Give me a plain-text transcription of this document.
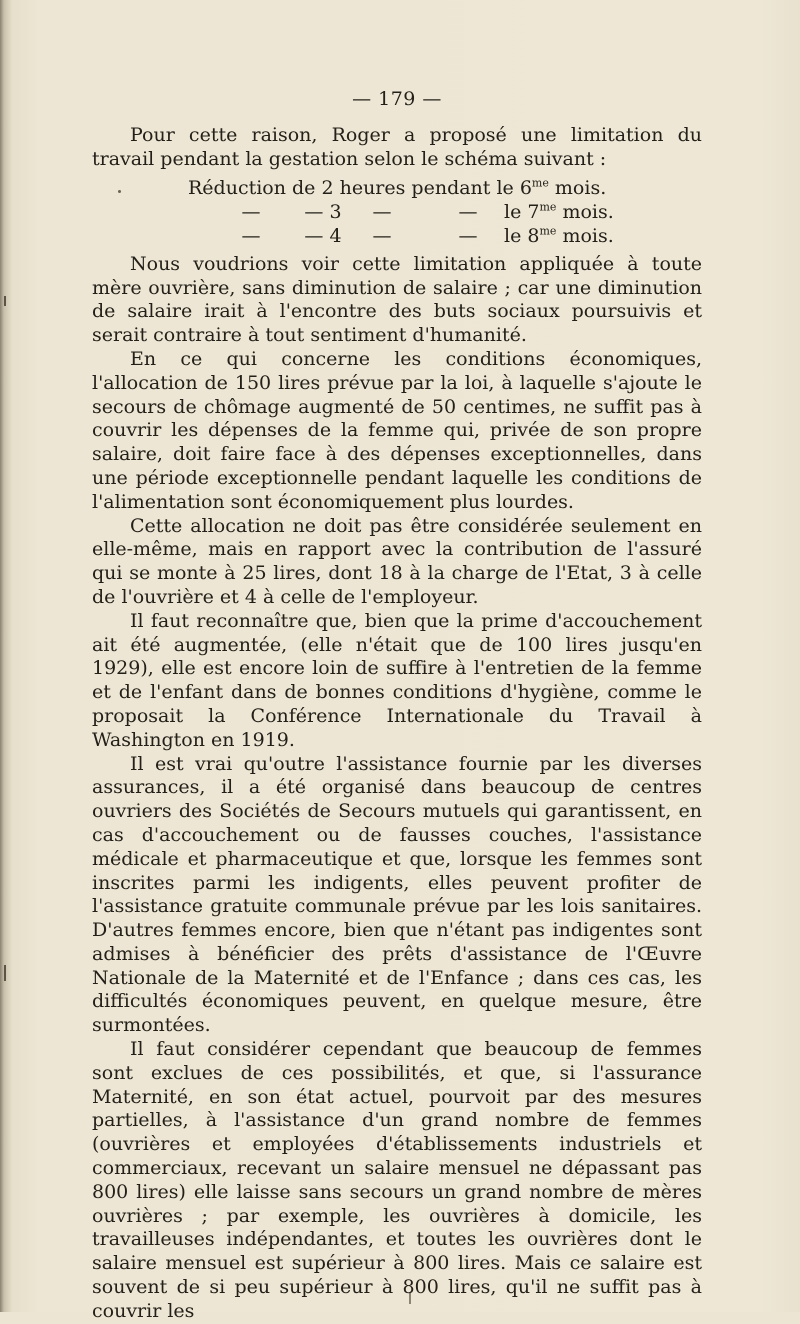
— 179 —

Pour cette raison, Roger a proposé une limitation du travail pendant la gestation selon le schéma suivant :

Réduction de 2 heures pendant le $6^{me}$ mois.
—	— 3	—	—	le $7^{me}$ mois.
—	— 4	—	—	le $8^{me}$ mois.

Nous voudrions voir cette limitation appliquée à toute mère ouvrière, sans diminution de salaire ; car une diminution de salaire irait à l'encontre des buts sociaux poursuivis et serait contraire à tout sentiment d'humanité.

En ce qui concerne les conditions économiques, l'allocation de 150 lires prévue par la loi, à laquelle s'ajoute le secours de chômage augmenté de 50 centimes, ne suffit pas à couvrir les dépenses de la femme qui, privée de son propre salaire, doit faire face à des dépenses exceptionnelles, dans une période exceptionnelle pendant laquelle les conditions de l'alimentation sont économiquement plus lourdes.

Cette allocation ne doit pas être considérée seulement en elle-même, mais en rapport avec la contribution de l'assuré qui se monte à 25 lires, dont 18 à la charge de l'Etat, 3 à celle de l'ouvrière et 4 à celle de l'employeur.

Il faut reconnaître que, bien que la prime d'accouchement ait été augmentée, (elle n'était que de 100 lires jusqu'en 1929), elle est encore loin de suffire à l'entretien de la femme et de l'enfant dans de bonnes conditions d'hygiène, comme le proposait la Conférence Internationale du Travail à Washington en 1919.

Il est vrai qu'outre l'assistance fournie par les diverses assurances, il a été organisé dans beaucoup de centres ouvriers des Sociétés de Secours mutuels qui garantissent, en cas d'accouchement ou de fausses couches, l'assistance médicale et pharmaceutique et que, lorsque les femmes sont inscrites parmi les indigents, elles peuvent profiter de l'assistance gratuite communale prévue par les lois sanitaires. D'autres femmes encore, bien que n'étant pas indigentes sont admises à bénéficier des prêts d'assistance de l'Œuvre Nationale de la Maternité et de l'Enfance ; dans ces cas, les difficultés économiques peuvent, en quelque mesure, être surmontées.

Il faut considérer cependant que beaucoup de femmes sont exclues de ces possibilités, et que, si l'assurance Maternité, en son état actuel, pourvoit par des mesures partielles, à l'assistance d'un grand nombre de femmes (ouvrières et employées d'établissements industriels et commerciaux, recevant un salaire mensuel ne dépassant pas 800 lires) elle laisse sans secours un grand nombre de mères ouvrières ; par exemple, les ouvrières à domicile, les travailleuses indépendantes, et toutes les ouvrières dont le salaire mensuel est supérieur à 800 lires. Mais ce salaire est souvent de si peu supérieur à 800 lires, qu'il ne suffit pas à couvrir les
